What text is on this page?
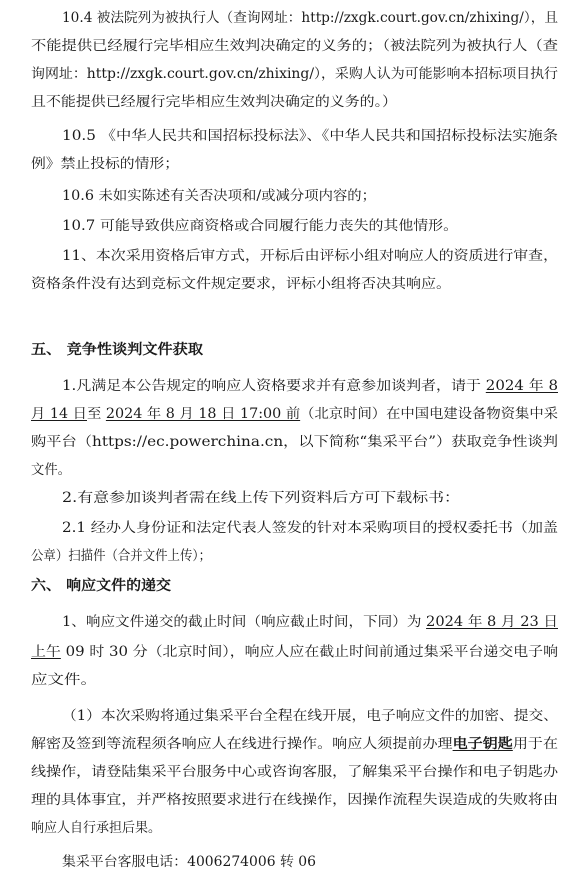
10.4 被法院列为被执行人（查询网址：http://zxgk.court.gov.cn/zhixing/），且
不能提供已经履行完毕相应生效判决确定的义务的；（被法院列为被执行人（查
询网址：http://zxgk.court.gov.cn/zhixing/），采购人认为可能影响本招标项目执行
且不能提供已经履行完毕相应生效判决确定的义务的。）
10.5 《中华人民共和国招标投标法》、《中华人民共和国招标投标法实施条
例》禁止投标的情形；
10.6 未如实陈述有关否决项和/或减分项内容的；
10.7 可能导致供应商资格或合同履行能力丧失的其他情形。
11、本次采用资格后审方式，开标后由评标小组对响应人的资质进行审查，
资格条件没有达到竞标文件规定要求，评标小组将否决其响应。
五、 竞争性谈判文件获取
1.凡满足本公告规定的响应人资格要求并有意参加谈判者，请于 2024 年 8
月 14 日至 2024 年 8 月 18 日 17:00 前（北京时间）在中国电建设备物资集中采
购平台（https://ec.powerchina.cn，以下简称“集采平台”）获取竞争性谈判
文件。
2.有意参加谈判者需在线上传下列资料后方可下载标书：
2.1 经办人身份证和法定代表人签发的针对本采购项目的授权委托书（加盖
公章）扫描件（合并文件上传）；
六、 响应文件的递交
1、响应文件递交的截止时间（响应截止时间，下同）为 2024 年 8 月 23 日
上午 09 时 30 分（北京时间），响应人应在截止时间前通过集采平台递交电子响
应文件。
（1）本次采购将通过集采平台全程在线开展，电子响应文件的加密、提交、
解密及签到等流程须各响应人在线进行操作。响应人须提前办理电子钥匙用于在
线操作，请登陆集采平台服务中心或咨询客服，了解集采平台操作和电子钥匙办
理的具体事宜，并严格按照要求进行在线操作，因操作流程失误造成的失败将由
响应人自行承担后果。
集采平台客服电话：4006274006 转 06
